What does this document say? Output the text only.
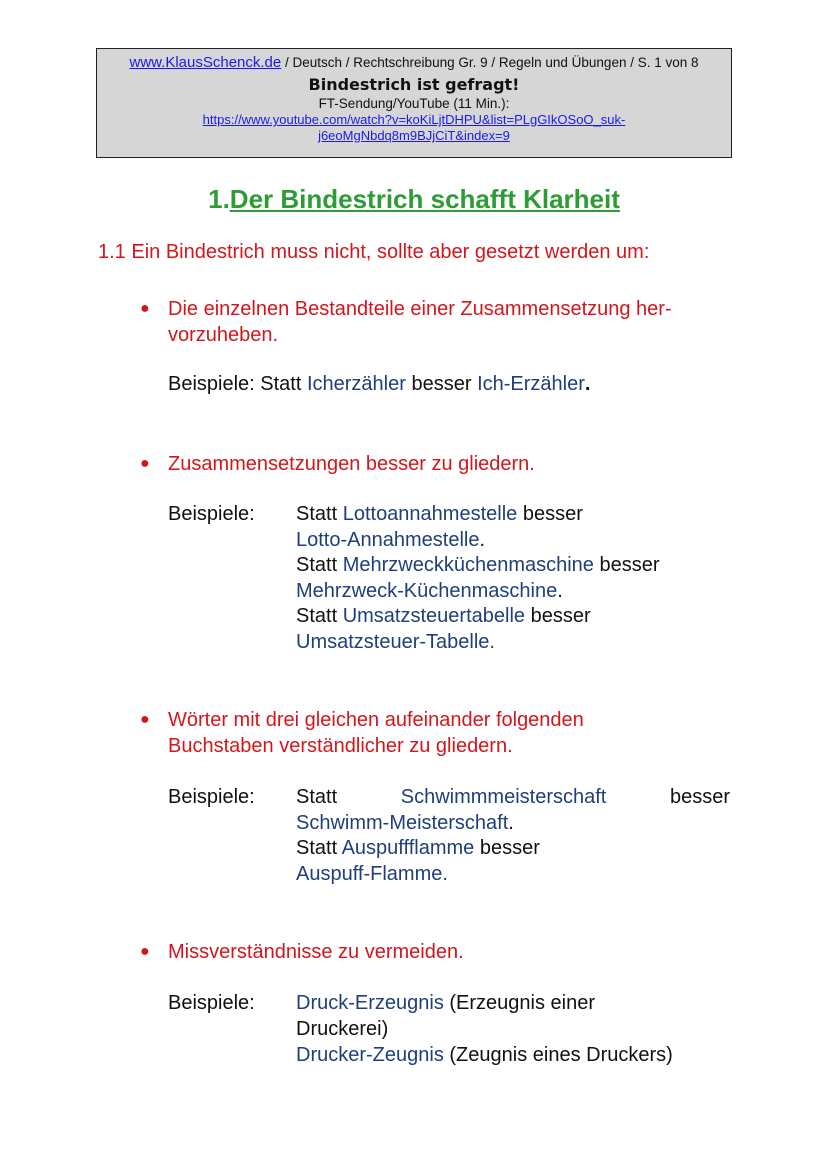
www.KlausSchenck.de / Deutsch / Rechtschreibung Gr. 9 / Regeln und Übungen / S. 1 von 8
Bindestrich ist gefragt!
FT-Sendung/YouTube (11 Min.):
https://www.youtube.com/watch?v=koKiLjtDHPU&list=PLgGIkOSoO_suk-
j6eoMgNbdq8m9BJjCiT&index=9
1.Der Bindestrich schafft Klarheit
1.1 Ein Bindestrich muss nicht, sollte aber gesetzt werden um:
● Die einzelnen Bestandteile einer Zusammensetzung her-
vorzuheben.
Beispiele: Statt Icherzähler besser Ich-Erzähler.
● Zusammensetzungen besser zu gliedern.
Beispiele: Statt Lottoannahmestelle besser
Lotto-Annahmestelle.
Statt Mehrzweckküchenmaschine besser
Mehrzweck-Küchenmaschine.
Statt Umsatzsteuertabelle besser
Umsatzsteuer-Tabelle.
● Wörter mit drei gleichen aufeinander folgenden
Buchstaben verständlicher zu gliedern.
Beispiele: Statt	Schwimmmeisterschaft	besser
Schwimm-Meisterschaft.
Statt Auspuffflamme besser
Auspuff-Flamme.
● Missverständnisse zu vermeiden.
Beispiele: Druck-Erzeugnis (Erzeugnis einer
Druckerei)
Drucker-Zeugnis (Zeugnis eines Druckers)
